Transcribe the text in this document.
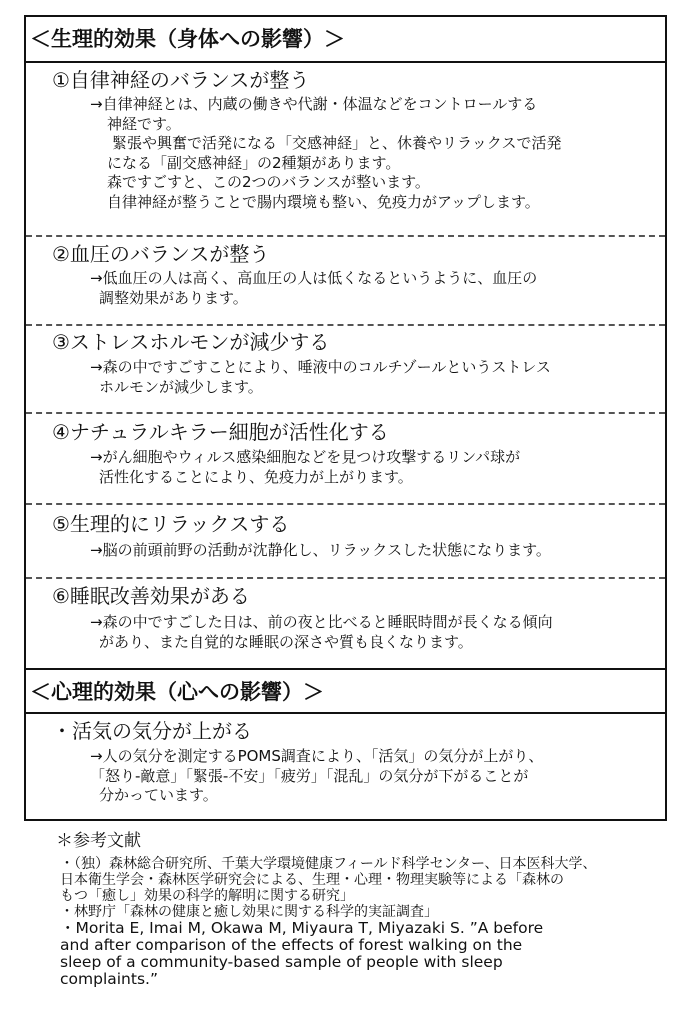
＜生理的効果（身体への影響）＞
①自律神経のバランスが整う

→自律神経とは、内蔵の働きや代謝・体温などをコントロールする

神経です。

緊張や興奮で活発になる「交感神経」と、休養やリラックスで活発

になる「副交感神経」の2種類があります。

森ですごすと、この2つのバランスが整います。

自律神経が整うことで腸内環境も整い、免疫力がアップします。

②血圧のバランスが整う

→低血圧の人は高く、高血圧の人は低くなるというように、血圧の

調整効果があります。

③ストレスホルモンが減少する

→森の中ですごすことにより、唾液中のコルチゾールというストレス

ホルモンが減少します。

④ナチュラルキラー細胞が活性化する

→がん細胞やウィルス感染細胞などを見つけ攻撃するリンパ球が

活性化することにより、免疫力が上がります。

⑤生理的にリラックスする

→脳の前頭前野の活動が沈静化し、リラックスした状態になります。

⑥睡眠改善効果がある

→森の中ですごした日は、前の夜と比べると睡眠時間が長くなる傾向

があり、また自覚的な睡眠の深さや質も良くなります。

＜心理的効果（心への影響）＞
・活気の気分が上がる

→人の気分を測定するPOMS調査により、「活気」の気分が上がり、

「怒り-敵意」「緊張-不安」「疲労」「混乱」の気分が下がることが

分かっています。

＊参考文献

・（独）森林総合研究所、千葉大学環境健康フィールド科学センター、日本医科大学、

日本衛生学会・森林医学研究会による、生理・心理・物理実験等による「森林の

もつ「癒し」効果の科学的解明に関する研究」

・林野庁「森林の健康と癒し効果に関する科学的実証調査」

・Morita E, Imai M, Okawa M, Miyaura T, Miyazaki S. ”A before

and after comparison of the effects of forest walking on the

sleep of a community-based sample of people with sleep

complaints.”
